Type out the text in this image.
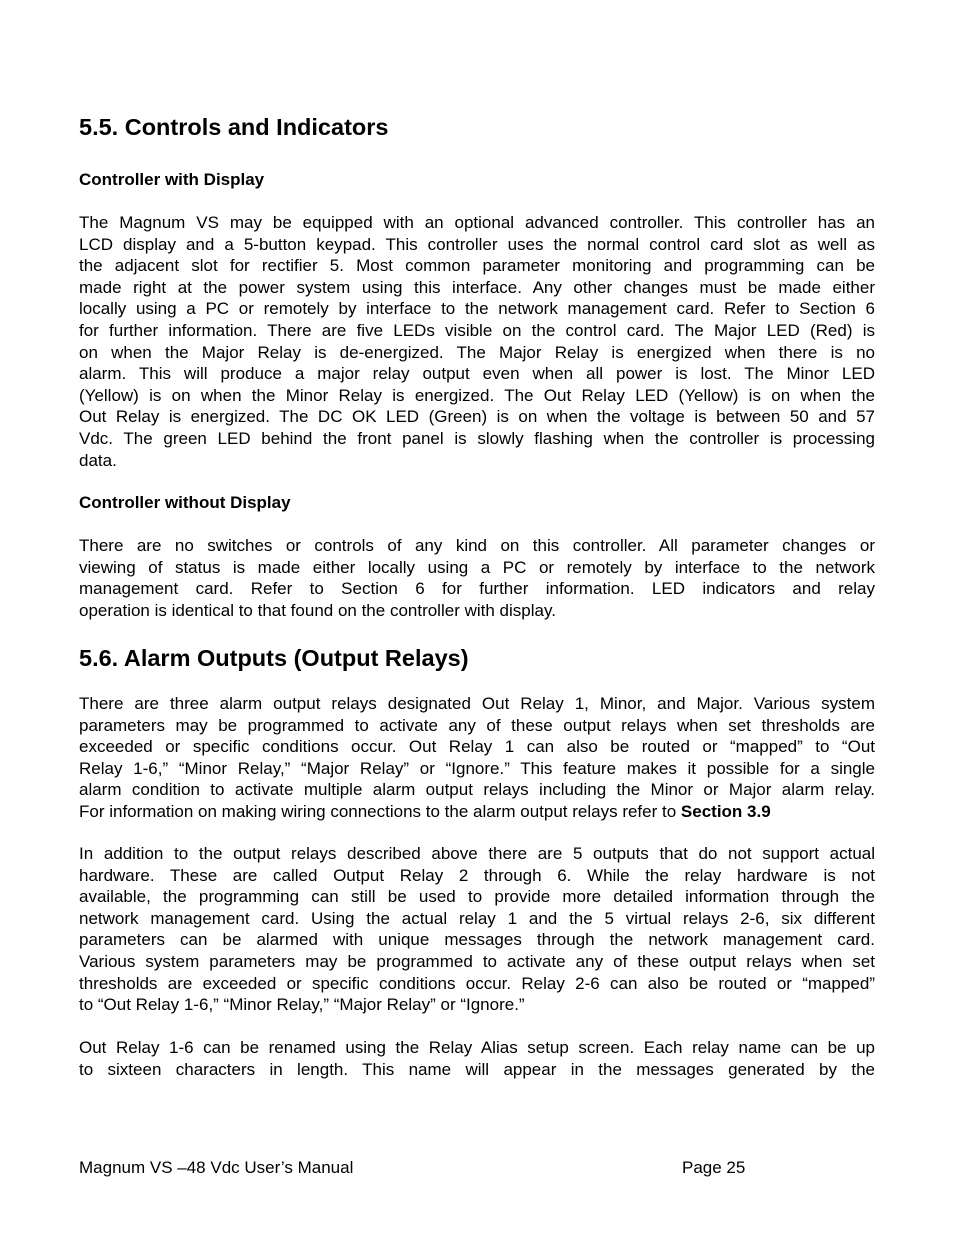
5.5. Controls and Indicators
Controller with Display
The Magnum VS may be equipped with an optional advanced controller. This controller has an
LCD display and a 5-button keypad. This controller uses the normal control card slot as well as
the adjacent slot for rectifier 5. Most common parameter monitoring and programming can be
made right at the power system using this interface. Any other changes must be made either
locally using a PC or remotely by interface to the network management card. Refer to Section 6
for further information. There are five LEDs visible on the control card. The Major LED (Red) is
on when the Major Relay is de-energized. The Major Relay is energized when there is no
alarm. This will produce a major relay output even when all power is lost. The Minor LED
(Yellow) is on when the Minor Relay is energized. The Out Relay LED (Yellow) is on when the
Out Relay is energized. The DC OK LED (Green) is on when the voltage is between 50 and 57
Vdc. The green LED behind the front panel is slowly flashing when the controller is processing
data.
Controller without Display
There are no switches or controls of any kind on this controller. All parameter changes or
viewing of status is made either locally using a PC or remotely by interface to the network
management card. Refer to Section 6 for further information. LED indicators and relay
operation is identical to that found on the controller with display.
5.6. Alarm Outputs (Output Relays)
There are three alarm output relays designated Out Relay 1, Minor, and Major. Various system
parameters may be programmed to activate any of these output relays when set thresholds are
exceeded or specific conditions occur. Out Relay 1 can also be routed or “mapped” to “Out
Relay 1-6,” “Minor Relay,” “Major Relay” or “Ignore.” This feature makes it possible for a single
alarm condition to activate multiple alarm output relays including the Minor or Major alarm relay.
For information on making wiring connections to the alarm output relays refer to Section 3.9
In addition to the output relays described above there are 5 outputs that do not support actual
hardware. These are called Output Relay 2 through 6. While the relay hardware is not
available, the programming can still be used to provide more detailed information through the
network management card. Using the actual relay 1 and the 5 virtual relays 2-6, six different
parameters can be alarmed with unique messages through the network management card.
Various system parameters may be programmed to activate any of these output relays when set
thresholds are exceeded or specific conditions occur. Relay 2-6 can also be routed or “mapped”
to “Out Relay 1-6,” “Minor Relay,” “Major Relay” or “Ignore.”
Out Relay 1-6 can be renamed using the Relay Alias setup screen. Each relay name can be up
to sixteen characters in length. This name will appear in the messages generated by the
Magnum VS –48 Vdc User’s Manual	Page 25
